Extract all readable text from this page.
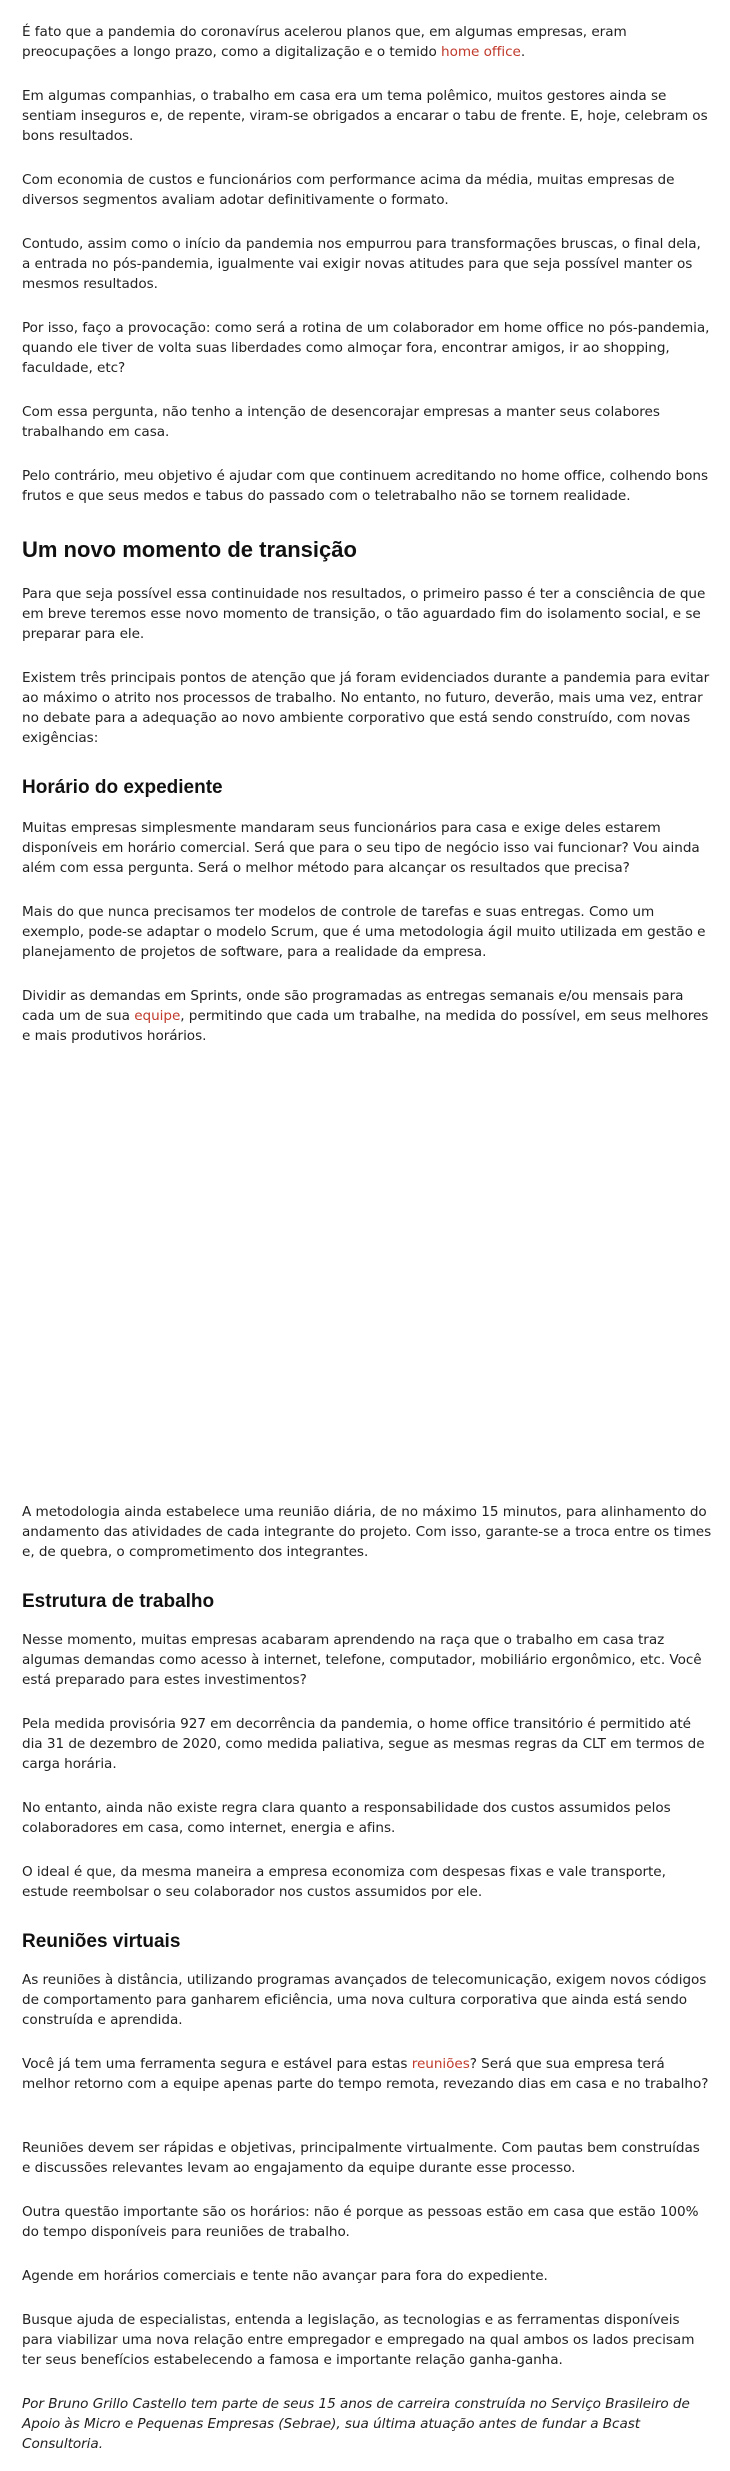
É fato que a pandemia do coronavírus acelerou planos que, em algumas empresas, eram preocupações a longo prazo, como a digitalização e o temido home office.

Em algumas companhias, o trabalho em casa era um tema polêmico, muitos gestores ainda se sentiam inseguros e, de repente, viram-se obrigados a encarar o tabu de frente. E, hoje, celebram os bons resultados.

Com economia de custos e funcionários com performance acima da média, muitas empresas de diversos segmentos avaliam adotar definitivamente o formato.

Contudo, assim como o início da pandemia nos empurrou para transformações bruscas, o final dela, a entrada no pós-pandemia, igualmente vai exigir novas atitudes para que seja possível manter os mesmos resultados.

Por isso, faço a provocação: como será a rotina de um colaborador em home office no pós-pandemia, quando ele tiver de volta suas liberdades como almoçar fora, encontrar amigos, ir ao shopping, faculdade, etc?

Com essa pergunta, não tenho a intenção de desencorajar empresas a manter seus colabores trabalhando em casa.

Pelo contrário, meu objetivo é ajudar com que continuem acreditando no home office, colhendo bons frutos e que seus medos e tabus do passado com o teletrabalho não se tornem realidade.

Um novo momento de transição

Para que seja possível essa continuidade nos resultados, o primeiro passo é ter a consciência de que em breve teremos esse novo momento de transição, o tão aguardado fim do isolamento social, e se preparar para ele.

Existem três principais pontos de atenção que já foram evidenciados durante a pandemia para evitar ao máximo o atrito nos processos de trabalho. No entanto, no futuro, deverão, mais uma vez, entrar no debate para a adequação ao novo ambiente corporativo que está sendo construído, com novas exigências:

Horário do expediente

Muitas empresas simplesmente mandaram seus funcionários para casa e exige deles estarem disponíveis em horário comercial. Será que para o seu tipo de negócio isso vai funcionar? Vou ainda além com essa pergunta. Será o melhor método para alcançar os resultados que precisa?

Mais do que nunca precisamos ter modelos de controle de tarefas e suas entregas. Como um exemplo, pode-se adaptar o modelo Scrum, que é uma metodologia ágil muito utilizada em gestão e planejamento de projetos de software, para a realidade da empresa.

Dividir as demandas em Sprints, onde são programadas as entregas semanais e/ou mensais para cada um de sua equipe, permitindo que cada um trabalhe, na medida do possível, em seus melhores e mais produtivos horários.

A metodologia ainda estabelece uma reunião diária, de no máximo 15 minutos, para alinhamento do andamento das atividades de cada integrante do projeto. Com isso, garante-se a troca entre os times e, de quebra, o comprometimento dos integrantes.

Estrutura de trabalho

Nesse momento, muitas empresas acabaram aprendendo na raça que o trabalho em casa traz algumas demandas como acesso à internet, telefone, computador, mobiliário ergonômico, etc. Você está preparado para estes investimentos?

Pela medida provisória 927 em decorrência da pandemia, o home office transitório é permitido até dia 31 de dezembro de 2020, como medida paliativa, segue as mesmas regras da CLT em termos de carga horária.

No entanto, ainda não existe regra clara quanto a responsabilidade dos custos assumidos pelos colaboradores em casa, como internet, energia e afins.

O ideal é que, da mesma maneira a empresa economiza com despesas fixas e vale transporte, estude reembolsar o seu colaborador nos custos assumidos por ele.

Reuniões virtuais

As reuniões à distância, utilizando programas avançados de telecomunicação, exigem novos códigos de comportamento para ganharem eficiência, uma nova cultura corporativa que ainda está sendo construída e aprendida.

Você já tem uma ferramenta segura e estável para estas reuniões? Será que sua empresa terá melhor retorno com a equipe apenas parte do tempo remota, revezando dias em casa e no trabalho?

Reuniões devem ser rápidas e objetivas, principalmente virtualmente. Com pautas bem construídas e discussões relevantes levam ao engajamento da equipe durante esse processo.

Outra questão importante são os horários: não é porque as pessoas estão em casa que estão 100% do tempo disponíveis para reuniões de trabalho.

Agende em horários comerciais e tente não avançar para fora do expediente.

Busque ajuda de especialistas, entenda a legislação, as tecnologias e as ferramentas disponíveis para viabilizar uma nova relação entre empregador e empregado na qual ambos os lados precisam ter seus benefícios estabelecendo a famosa e importante relação ganha-ganha.

Por Bruno Grillo Castello tem parte de seus 15 anos de carreira construída no Serviço Brasileiro de Apoio às Micro e Pequenas Empresas (Sebrae), sua última atuação antes de fundar a Bcast Consultoria.
